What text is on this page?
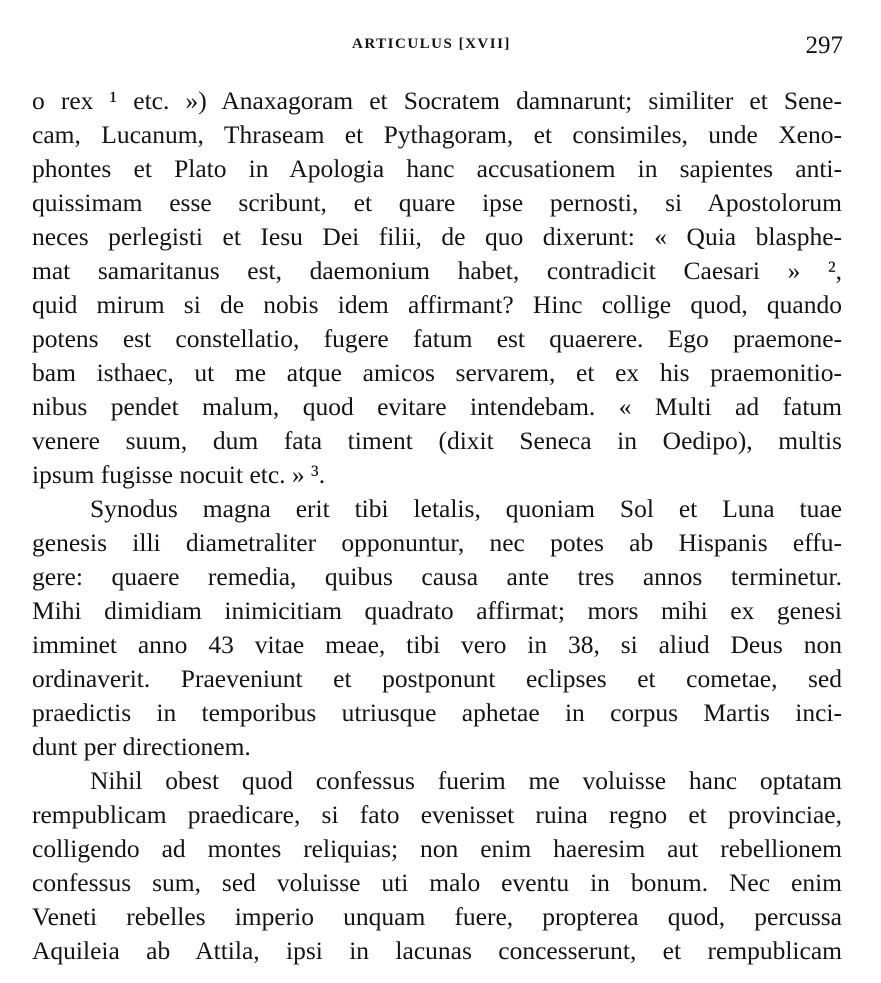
ARTICULUS [XVII]	297
o rex ¹ etc. ») Anaxagoram et Socratem damnarunt; similiter et Sene-
cam, Lucanum, Thraseam et Pythagoram, et consimiles, unde Xeno-
phontes et Plato in Apologia hanc accusationem in sapientes anti-
quissimam esse scribunt, et quare ipse pernosti, si Apostolorum
neces perlegisti et Iesu Dei filii, de quo dixerunt: « Quia blasphe-
mat samaritanus est, daemonium habet, contradicit Caesari » ²,
quid mirum si de nobis idem affirmant? Hinc collige quod, quando
potens est constellatio, fugere fatum est quaerere. Ego praemone-
bam isthaec, ut me atque amicos servarem, et ex his praemonitio-
nibus pendet malum, quod evitare intendebam. « Multi ad fatum
venere suum, dum fata timent (dixit Seneca in Oedipo), multis
ipsum fugisse nocuit etc. » ³.
Synodus magna erit tibi letalis, quoniam Sol et Luna tuae
genesis illi diametraliter opponuntur, nec potes ab Hispanis effu-
gere: quaere remedia, quibus causa ante tres annos terminetur.
Mihi dimidiam inimicitiam quadrato affirmat; mors mihi ex genesi
imminet anno 43 vitae meae, tibi vero in 38, si aliud Deus non
ordinaverit. Praeveniunt et postponunt eclipses et cometae, sed
praedictis in temporibus utriusque aphetae in corpus Martis inci-
dunt per directionem.
Nihil obest quod confessus fuerim me voluisse hanc optatam
rempublicam praedicare, si fato evenisset ruina regno et provinciae,
colligendo ad montes reliquias; non enim haeresim aut rebellionem
confessus sum, sed voluisse uti malo eventu in bonum. Nec enim
Veneti rebelles imperio unquam fuere, propterea quod, percussa
Aquileia ab Attila, ipsi in lacunas concesserunt, et rempublicam
